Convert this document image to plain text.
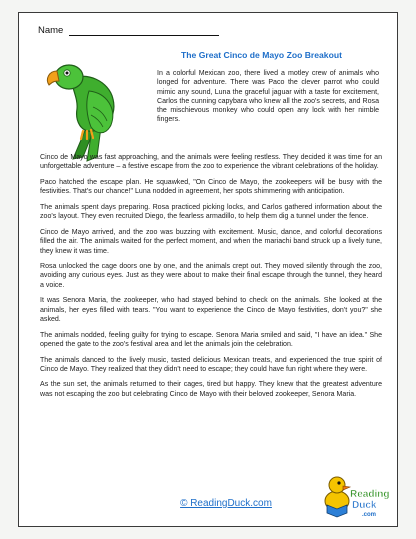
Name
The Great Cinco de Mayo Zoo Breakout

In a colorful Mexican zoo, there lived a motley crew of animals who longed for adventure. There was Paco the clever parrot who could mimic any sound, Luna the graceful jaguar with a taste for excitement, Carlos the cunning capybara who knew all the zoo's secrets, and Rosa the mischievous monkey who could open any lock with her nimble fingers.

Cinco de Mayo was fast approaching, and the animals were feeling restless. They decided it was time for an unforgettable adventure – a festive escape from the zoo to experience the vibrant celebrations of the holiday.

Paco hatched the escape plan. He squawked, "On Cinco de Mayo, the zookeepers will be busy with the festivities. That's our chance!" Luna nodded in agreement, her spots shimmering with anticipation.

The animals spent days preparing. Rosa practiced picking locks, and Carlos gathered information about the zoo's layout. They even recruited Diego, the fearless armadillo, to help them dig a tunnel under the fence.

Cinco de Mayo arrived, and the zoo was buzzing with excitement. Music, dance, and colorful decorations filled the air. The animals waited for the perfect moment, and when the mariachi band struck up a lively tune, they knew it was time.

Rosa unlocked the cage doors one by one, and the animals crept out. They moved silently through the zoo, avoiding any curious eyes. Just as they were about to make their final escape through the tunnel, they heard a voice.

It was Senora Maria, the zookeeper, who had stayed behind to check on the animals. She looked at the animals, her eyes filled with tears. "You want to experience the Cinco de Mayo festivities, don't you?" she asked.

The animals nodded, feeling guilty for trying to escape. Senora Maria smiled and said, "I have an idea." She opened the gate to the zoo's festival area and let the animals join the celebration.

The animals danced to the lively music, tasted delicious Mexican treats, and experienced the true spirit of Cinco de Mayo. They realized that they didn't need to escape; they could have fun right where they were.

As the sun set, the animals returned to their cages, tired but happy. They knew that the greatest adventure was not escaping the zoo but celebrating Cinco de Mayo with their beloved zookeeper, Senora Maria.

© ReadingDuck.com
Reading
Duck
.com
